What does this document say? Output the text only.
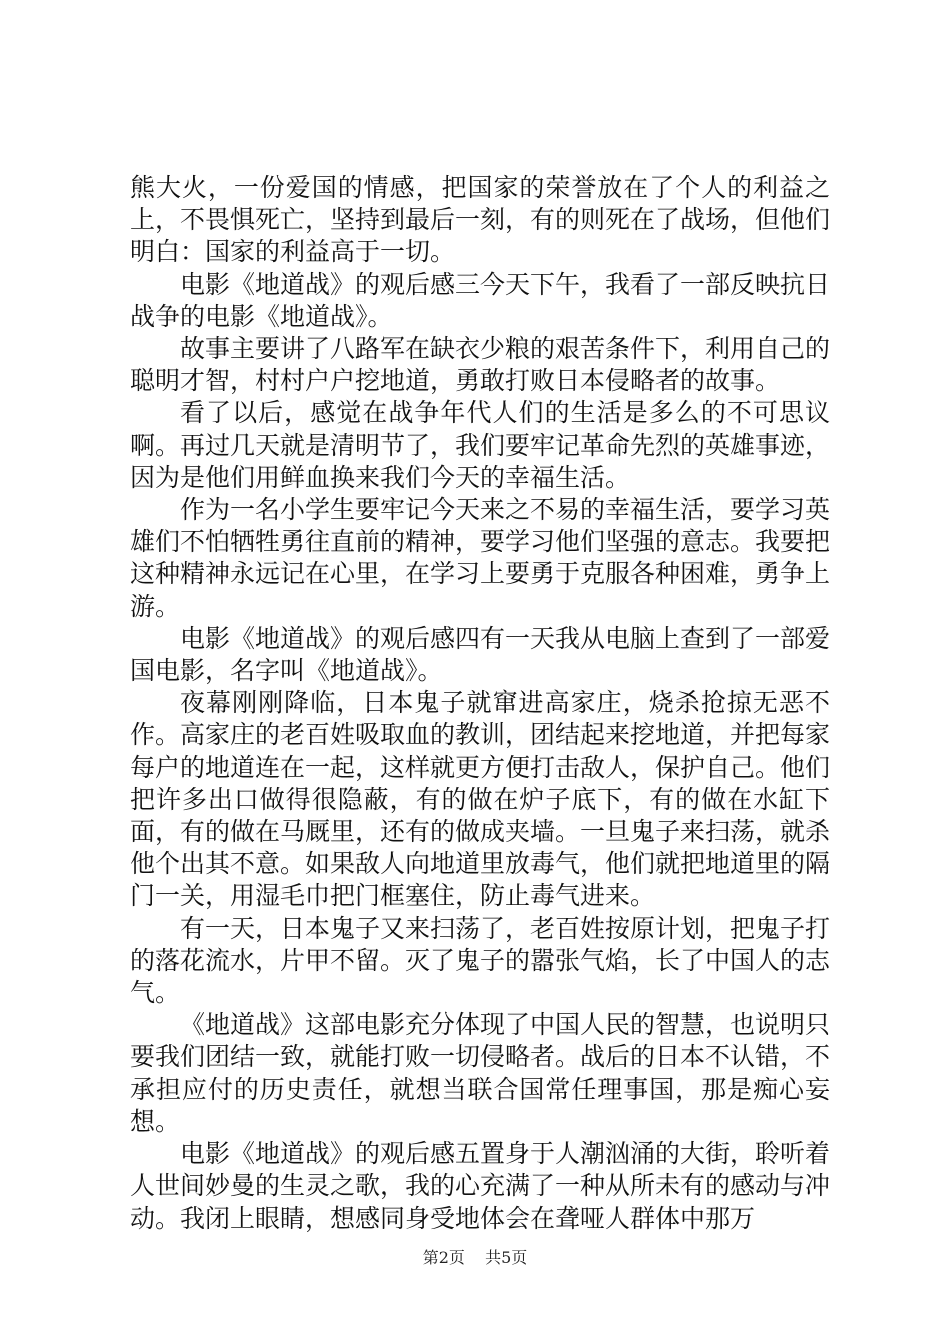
熊大火，一份爱国的情感，把国家的荣誉放在了个人的利益之上，不畏惧死亡，坚持到最后一刻，有的则死在了战场，但他们明白：国家的利益高于一切。

电影《地道战》的观后感三今天下午，我看了一部反映抗日战争的电影《地道战》。

故事主要讲了八路军在缺衣少粮的艰苦条件下，利用自己的聪明才智，村村户户挖地道，勇敢打败日本侵略者的故事。

看了以后，感觉在战争年代人们的生活是多么的不可思议啊。再过几天就是清明节了，我们要牢记革命先烈的英雄事迹，因为是他们用鲜血换来我们今天的幸福生活。

作为一名小学生要牢记今天来之不易的幸福生活，要学习英雄们不怕牺牲勇往直前的精神，要学习他们坚强的意志。我要把这种精神永远记在心里，在学习上要勇于克服各种困难，勇争上游。

电影《地道战》的观后感四有一天我从电脑上查到了一部爱国电影，名字叫《地道战》。

夜幕刚刚降临，日本鬼子就窜进高家庄，烧杀抢掠无恶不作。高家庄的老百姓吸取血的教训，团结起来挖地道，并把每家每户的地道连在一起，这样就更方便打击敌人，保护自己。他们把许多出口做得很隐蔽，有的做在炉子底下，有的做在水缸下面，有的做在马厩里，还有的做成夹墙。一旦鬼子来扫荡，就杀他个出其不意。如果敌人向地道里放毒气，他们就把地道里的隔门一关，用湿毛巾把门框塞住，防止毒气进来。

有一天，日本鬼子又来扫荡了，老百姓按原计划，把鬼子打的落花流水，片甲不留。灭了鬼子的嚣张气焰，长了中国人的志气。

《地道战》这部电影充分体现了中国人民的智慧，也说明只要我们团结一致，就能打败一切侵略者。战后的日本不认错，不承担应付的历史责任，就想当联合国常任理事国，那是痴心妄想。

电影《地道战》的观后感五置身于人潮汹涌的大街，聆听着人世间妙曼的生灵之歌，我的心充满了一种从所未有的感动与冲动。我闭上眼睛，想感同身受地体会在聋哑人群体中那万

第2页 共5页
